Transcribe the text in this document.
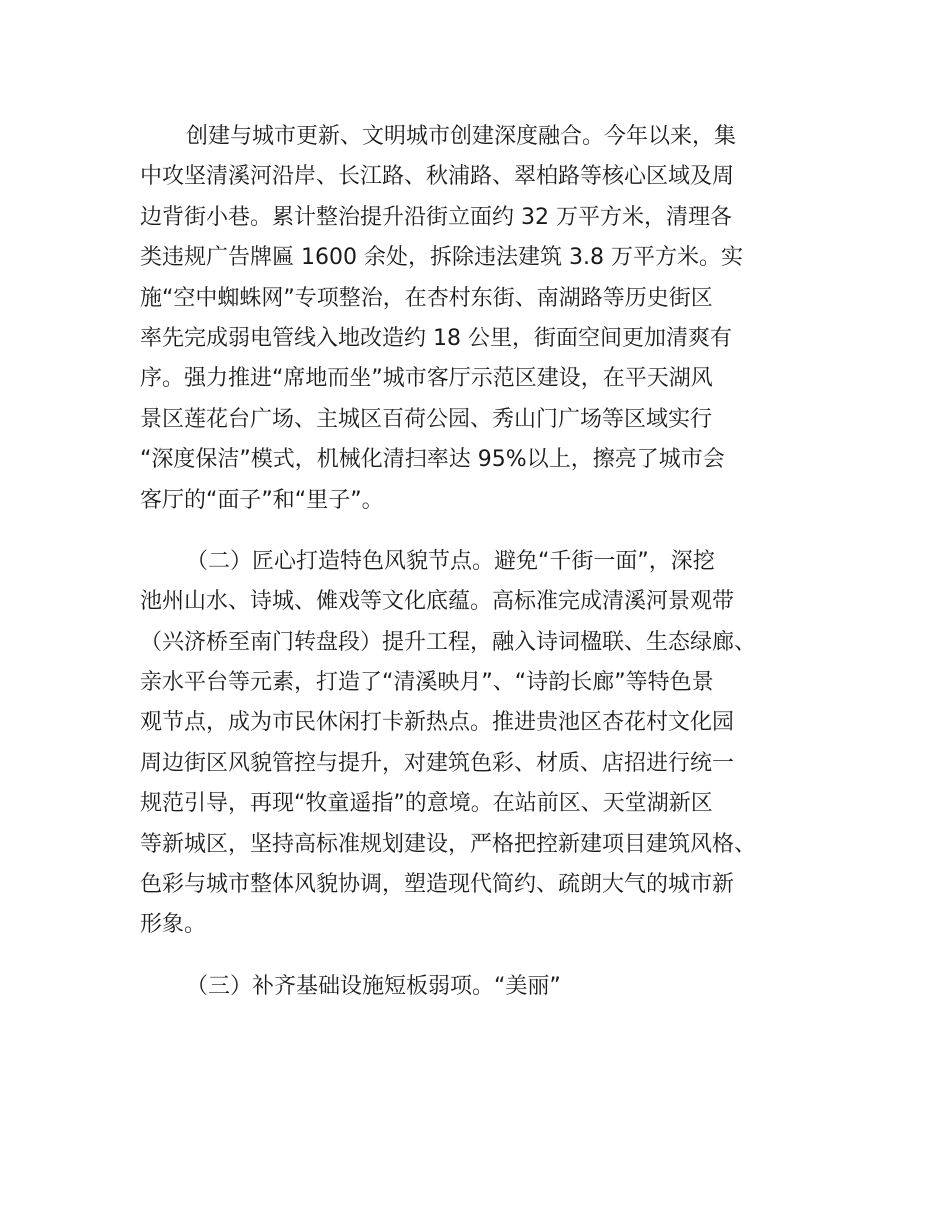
创建与城市更新、文明城市创建深度融合。今年以来，集
中攻坚清溪河沿岸、长江路、秋浦路、翠柏路等核心区域及周
边背街小巷。累计整治提升沿街立面约 32 万平方米，清理各
类违规广告牌匾 1600 余处，拆除违法建筑 3.8 万平方米。实
施“空中蜘蛛网”专项整治，在杏村东街、南湖路等历史街区
率先完成弱电管线入地改造约 18 公里，街面空间更加清爽有
序。强力推进“席地而坐”城市客厅示范区建设，在平天湖风
景区莲花台广场、主城区百荷公园、秀山门广场等区域实行
“深度保洁”模式，机械化清扫率达 95%以上，擦亮了城市会
客厅的“面子”和“里子”。
（二）匠心打造特色风貌节点。避免“千街一面”，深挖
池州山水、诗城、傩戏等文化底蕴。高标准完成清溪河景观带
（兴济桥至南门转盘段）提升工程，融入诗词楹联、生态绿廊、
亲水平台等元素，打造了“清溪映月”、“诗韵长廊”等特色景
观节点，成为市民休闲打卡新热点。推进贵池区杏花村文化园
周边街区风貌管控与提升，对建筑色彩、材质、店招进行统一
规范引导，再现“牧童遥指”的意境。在站前区、天堂湖新区
等新城区，坚持高标准规划建设，严格把控新建项目建筑风格、
色彩与城市整体风貌协调，塑造现代简约、疏朗大气的城市新
形象。
（三）补齐基础设施短板弱项。“美丽”
